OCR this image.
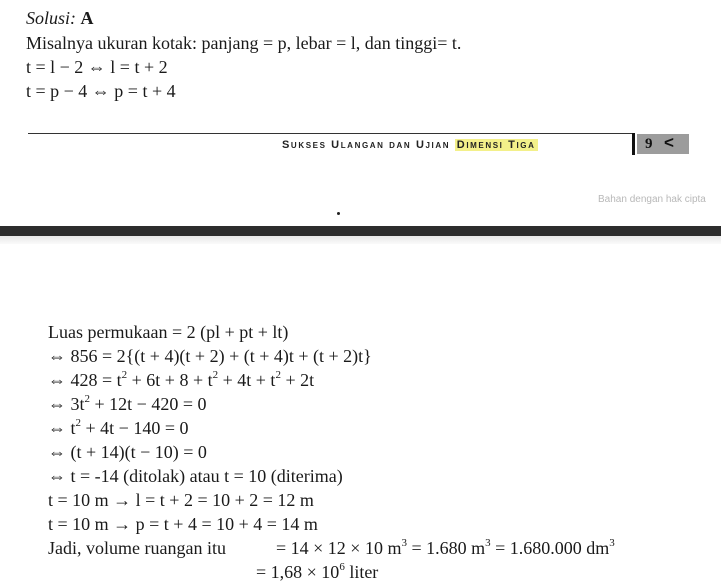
Solusi: A
Misalnya ukuran kotak: panjang = p, lebar = l, dan tinggi= t.
t = l − 2 ⇔ l = t + 2
t = p − 4 ⇔ p = t + 4
Sukses Ulangan dan Ujian Dimensi Tiga	9 <
Bahan dengan hak cipta
Luas permukaan = 2 (pl + pt + lt)
⇔ 856 = 2{(t + 4)(t + 2) + (t + 4)t + (t + 2)t}
⇔ $428 = t^2 + 6t + 8 + t^2 + 4t + t^2 + 2t$
⇔ $3t^2 + 12t - 420 = 0$
⇔ $t^2 + 4t - 140 = 0$
⇔ (t + 14)(t − 10) = 0
⇔ t = -14 (ditolak) atau t = 10 (diterima)
t = 10 m → l = t + 2 = 10 + 2 = 12 m
t = 10 m → p = t + 4 = 10 + 4 = 14 m
Jadi, volume ruangan itu	= 14 × 12 × 10 $m^3 = 1.680$ $m^3 = 1.680.000$ $dm^3$
= $1,68 \times 10^6$ liter
